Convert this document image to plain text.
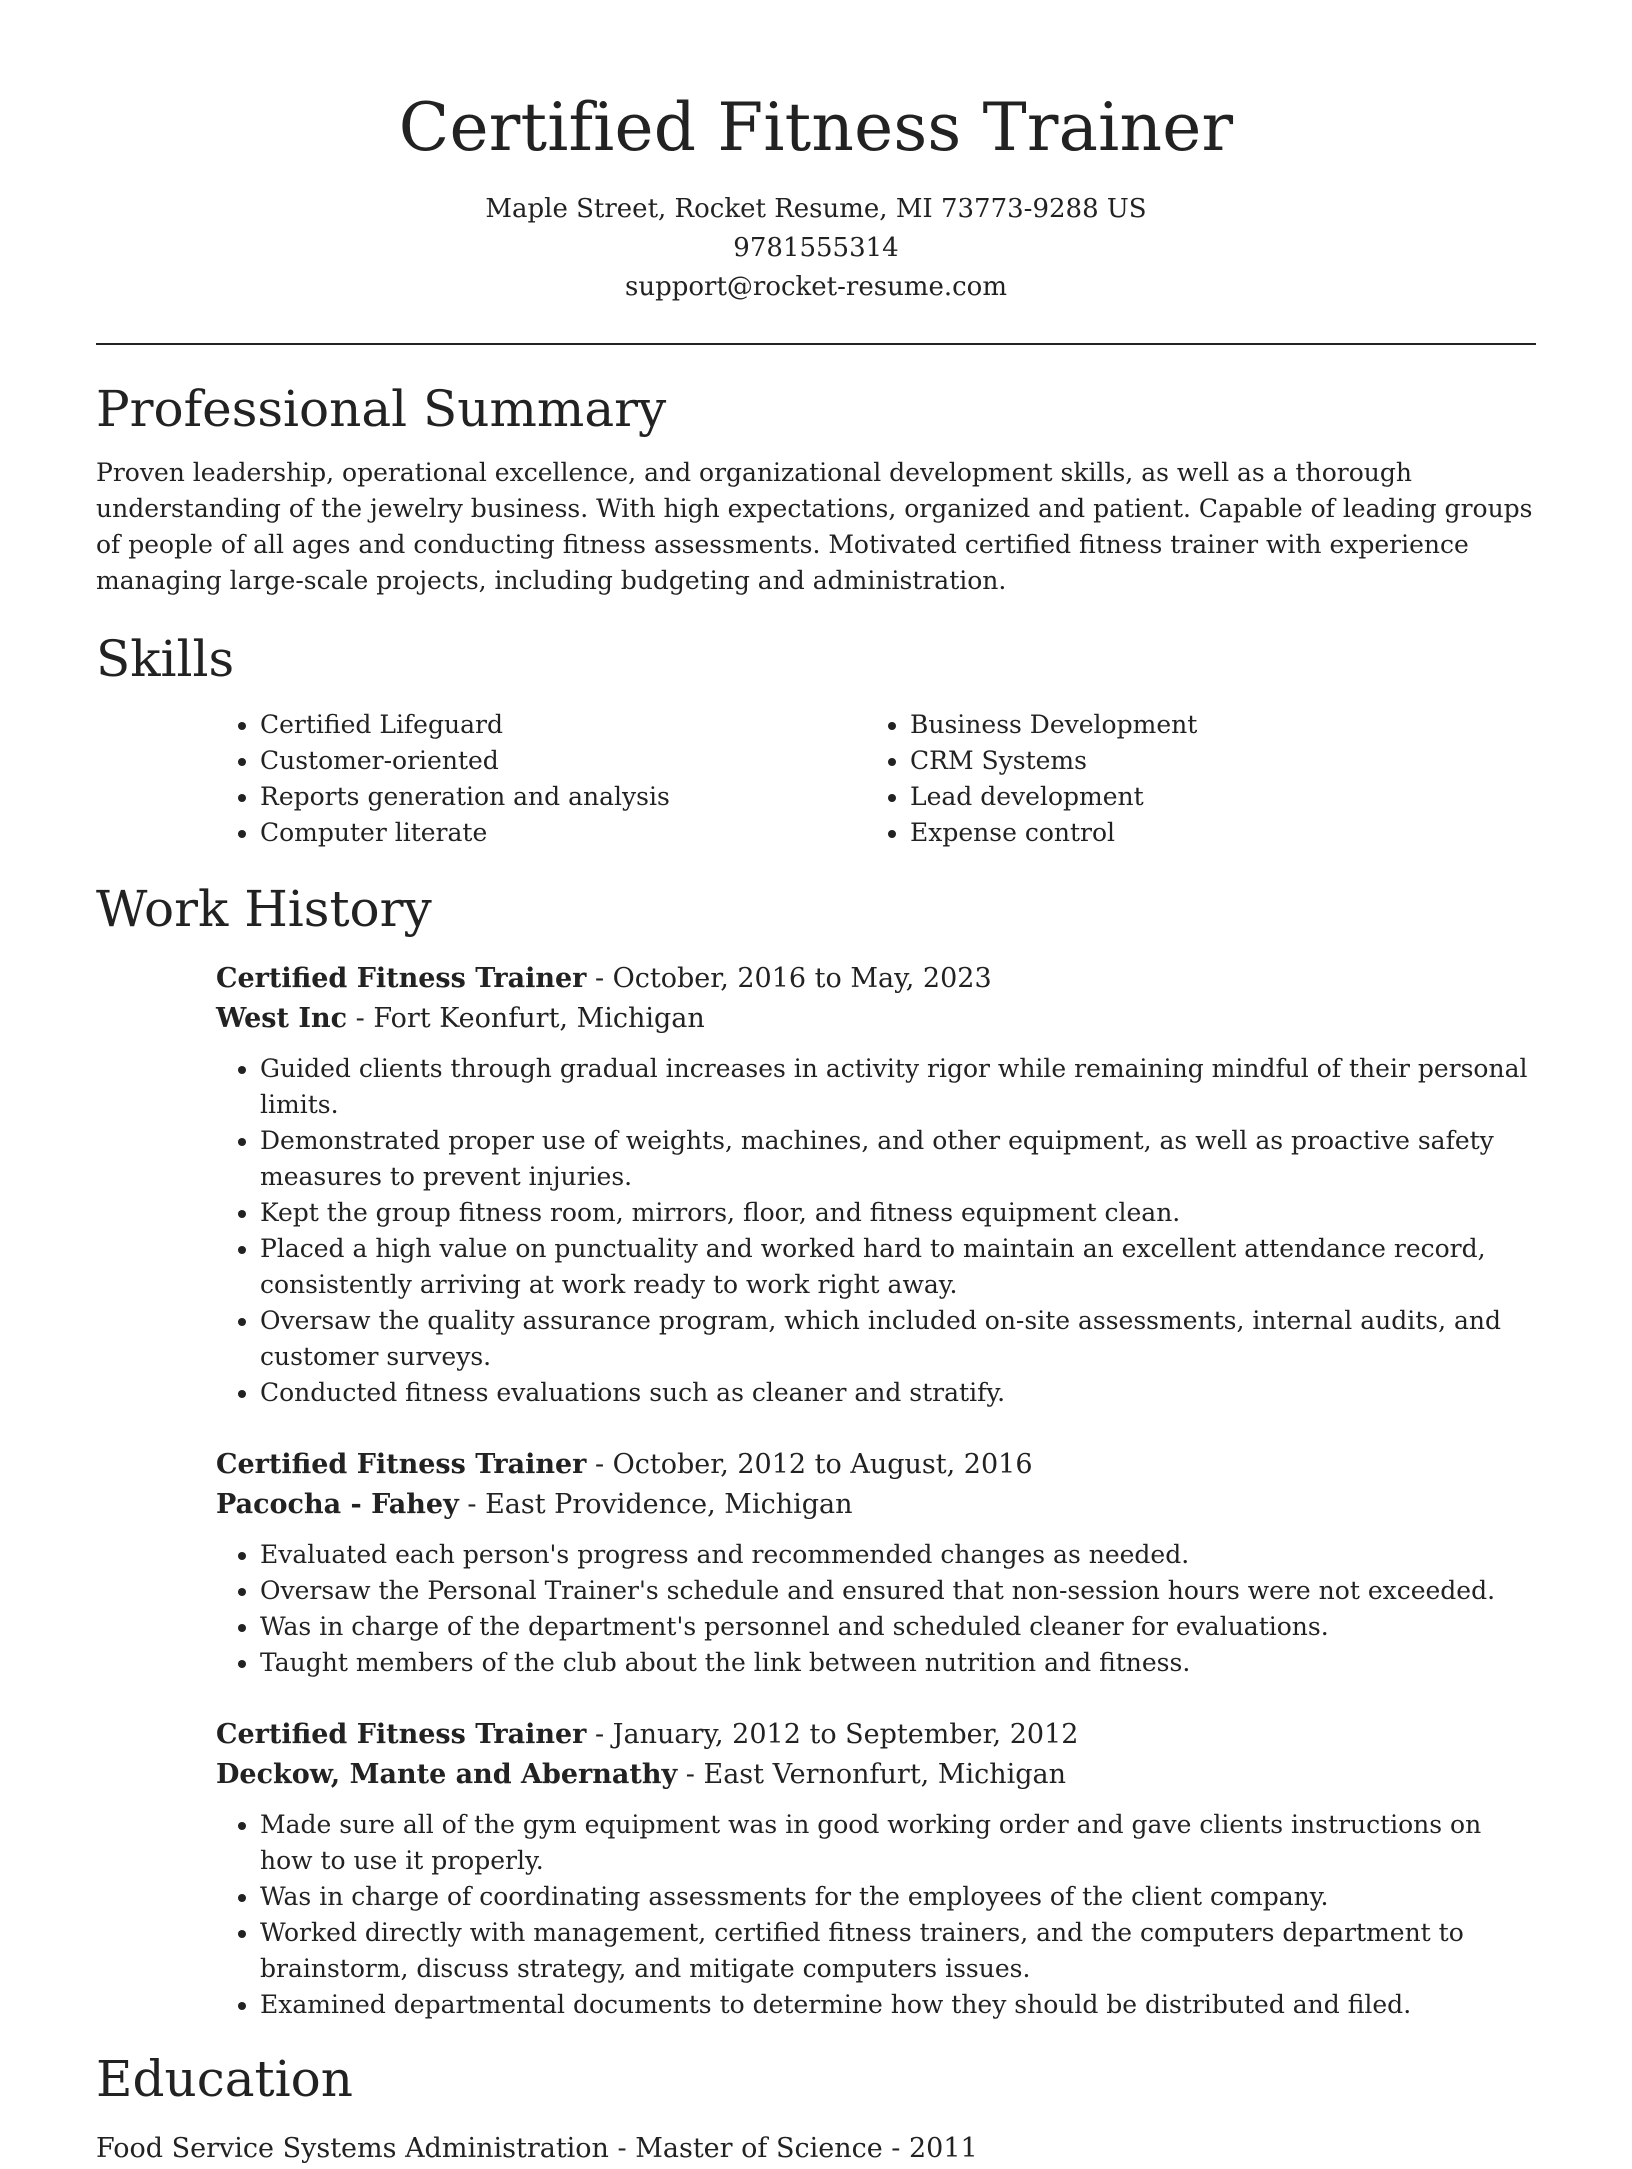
Certified Fitness Trainer

Maple Street, Rocket Resume, MI 73773-9288 US

9781555314

support@rocket-resume.com

Professional Summary

Proven leadership, operational excellence, and organizational development skills, as well as a thorough understanding of the jewelry business. With high expectations, organized and patient. Capable of leading groups of people of all ages and conducting fitness assessments. Motivated certified fitness trainer with experience managing large-scale projects, including budgeting and administration.

Skills
• Certified Lifeguard
• Customer-oriented
• Reports generation and analysis
• Computer literate
• Business Development
• CRM Systems
• Lead development
• Expense control
Work History

Certified Fitness Trainer - October, 2016 to May, 2023

West Inc - Fort Keonfurt, Michigan

• Guided clients through gradual increases in activity rigor while remaining mindful of their personal limits.
• Demonstrated proper use of weights, machines, and other equipment, as well as proactive safety measures to prevent injuries.
• Kept the group fitness room, mirrors, floor, and fitness equipment clean.
• Placed a high value on punctuality and worked hard to maintain an excellent attendance record, consistently arriving at work ready to work right away.
• Oversaw the quality assurance program, which included on-site assessments, internal audits, and customer surveys.
• Conducted fitness evaluations such as cleaner and stratify.

Certified Fitness Trainer - October, 2012 to August, 2016

Pacocha - Fahey - East Providence, Michigan

• Evaluated each person's progress and recommended changes as needed.
• Oversaw the Personal Trainer's schedule and ensured that non-session hours were not exceeded.
• Was in charge of the department's personnel and scheduled cleaner for evaluations.
• Taught members of the club about the link between nutrition and fitness.

Certified Fitness Trainer - January, 2012 to September, 2012

Deckow, Mante and Abernathy - East Vernonfurt, Michigan

• Made sure all of the gym equipment was in good working order and gave clients instructions on how to use it properly.
• Was in charge of coordinating assessments for the employees of the client company.
• Worked directly with management, certified fitness trainers, and the computers department to brainstorm, discuss strategy, and mitigate computers issues.
• Examined departmental documents to determine how they should be distributed and filed.
Education

Food Service Systems Administration - Master of Science - 2011
